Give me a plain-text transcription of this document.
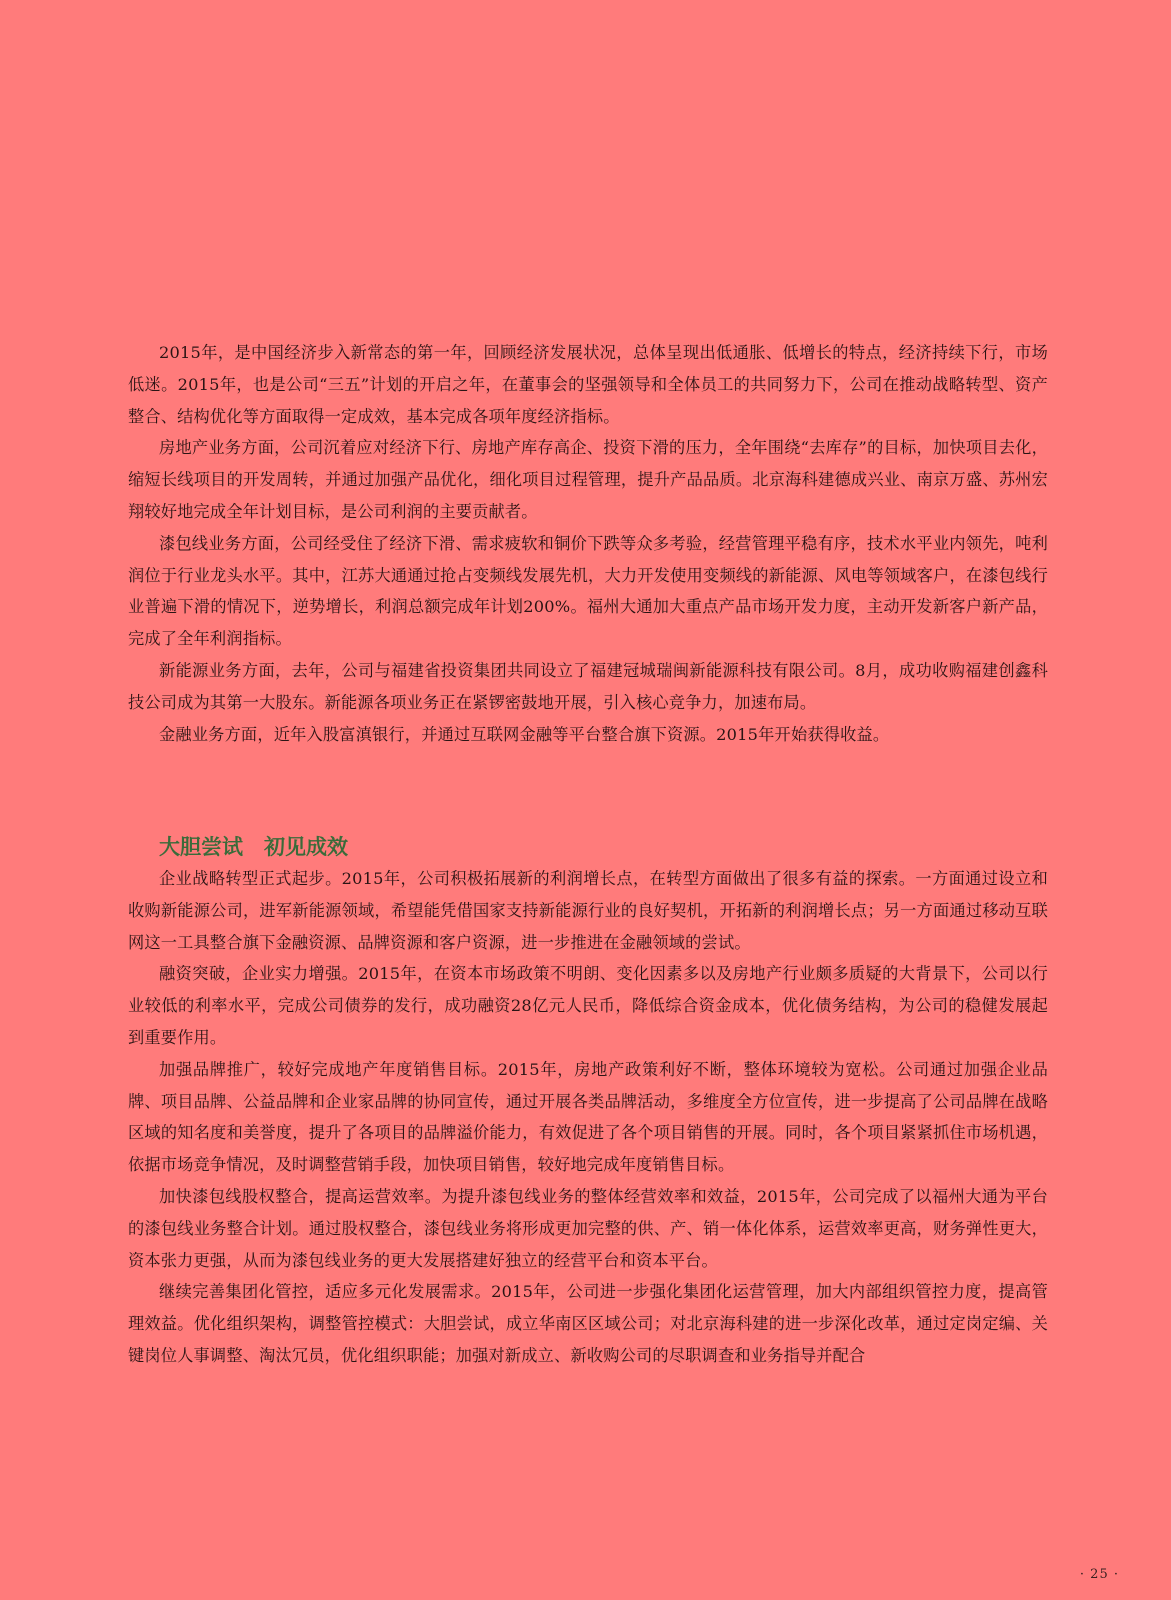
2015年，是中国经济步入新常态的第一年，回顾经济发展状况，总体呈现出低通胀、低增长的特点，经济持续下行，市场低迷。2015年，也是公司“三五”计划的开启之年，在董事会的坚强领导和全体员工的共同努力下，公司在推动战略转型、资产整合、结构优化等方面取得一定成效，基本完成各项年度经济指标。

房地产业务方面，公司沉着应对经济下行、房地产库存高企、投资下滑的压力，全年围绕“去库存”的目标，加快项目去化，缩短长线项目的开发周转，并通过加强产品优化，细化项目过程管理，提升产品品质。北京海科建德成兴业、南京万盛、苏州宏翔较好地完成全年计划目标，是公司利润的主要贡献者。

漆包线业务方面，公司经受住了经济下滑、需求疲软和铜价下跌等众多考验，经营管理平稳有序，技术水平业内领先，吨利润位于行业龙头水平。其中，江苏大通通过抢占变频线发展先机，大力开发使用变频线的新能源、风电等领域客户，在漆包线行业普遍下滑的情况下，逆势增长，利润总额完成年计划200%。福州大通加大重点产品市场开发力度，主动开发新客户新产品，完成了全年利润指标。

新能源业务方面，去年，公司与福建省投资集团共同设立了福建冠城瑞闽新能源科技有限公司。8月，成功收购福建创鑫科技公司成为其第一大股东。新能源各项业务正在紧锣密鼓地开展，引入核心竞争力，加速布局。

金融业务方面，近年入股富滇银行，并通过互联网金融等平台整合旗下资源。2015年开始获得收益。

大胆尝试　初见成效

企业战略转型正式起步。2015年，公司积极拓展新的利润增长点，在转型方面做出了很多有益的探索。一方面通过设立和收购新能源公司，进军新能源领域，希望能凭借国家支持新能源行业的良好契机，开拓新的利润增长点；另一方面通过移动互联网这一工具整合旗下金融资源、品牌资源和客户资源，进一步推进在金融领域的尝试。

融资突破，企业实力增强。2015年，在资本市场政策不明朗、变化因素多以及房地产行业颇多质疑的大背景下，公司以行业较低的利率水平，完成公司债券的发行，成功融资28亿元人民币，降低综合资金成本，优化债务结构，为公司的稳健发展起到重要作用。

加强品牌推广，较好完成地产年度销售目标。2015年，房地产政策利好不断，整体环境较为宽松。公司通过加强企业品牌、项目品牌、公益品牌和企业家品牌的协同宣传，通过开展各类品牌活动，多维度全方位宣传，进一步提高了公司品牌在战略区域的知名度和美誉度，提升了各项目的品牌溢价能力，有效促进了各个项目销售的开展。同时，各个项目紧紧抓住市场机遇，依据市场竞争情况，及时调整营销手段，加快项目销售，较好地完成年度销售目标。

加快漆包线股权整合，提高运营效率。为提升漆包线业务的整体经营效率和效益，2015年，公司完成了以福州大通为平台的漆包线业务整合计划。通过股权整合，漆包线业务将形成更加完整的供、产、销一体化体系，运营效率更高，财务弹性更大，资本张力更强，从而为漆包线业务的更大发展搭建好独立的经营平台和资本平台。

继续完善集团化管控，适应多元化发展需求。2015年，公司进一步强化集团化运营管理，加大内部组织管控力度，提高管理效益。优化组织架构，调整管控模式：大胆尝试，成立华南区区域公司；对北京海科建的进一步深化改革，通过定岗定编、关键岗位人事调整、淘汰冗员，优化组织职能；加强对新成立、新收购公司的尽职调查和业务指导并配合

· 25 ·
